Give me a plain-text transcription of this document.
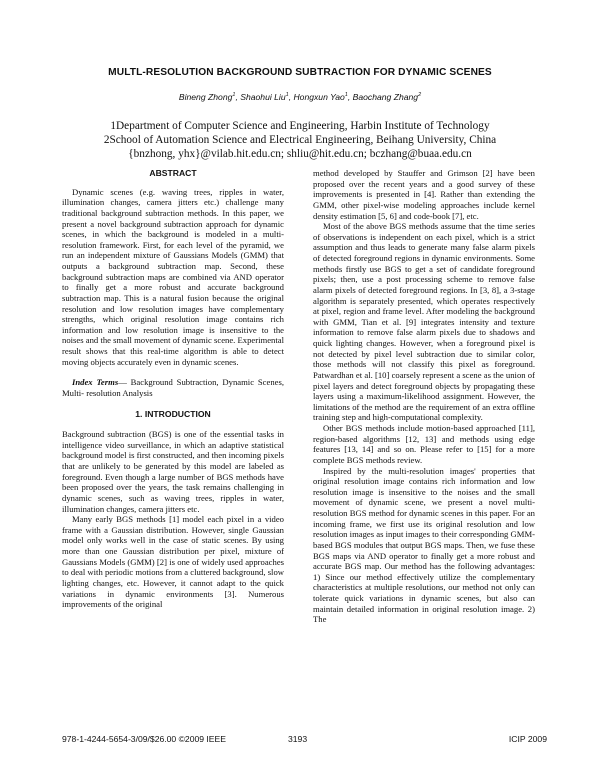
MULTL-RESOLUTION BACKGROUND SUBTRACTION FOR DYNAMIC SCENES
Bineng Zhong$^1$, Shaohui Liu$^1$, Hongxun Yao$^1$, Baochang Zhang$^2$
1Department of Computer Science and Engineering, Harbin Institute of Technology
2School of Automation Science and Electrical Engineering, Beihang University, China
{bnzhong, yhx}@vilab.hit.edu.cn; shliu@hit.edu.cn; bczhang@buaa.edu.cn
ABSTRACT

Dynamic scenes (e.g. waving trees, ripples in water, illumination changes, camera jitters etc.) challenge many traditional background subtraction methods. In this paper, we present a novel background subtraction approach for dynamic scenes, in which the background is modeled in a multi-resolution framework. First, for each level of the pyramid, we run an independent mixture of Gaussians Models (GMM) that outputs a background subtraction map. Second, these background subtraction maps are combined via AND operator to finally get a more robust and accurate background subtraction map. This is a natural fusion because the original resolution and low resolution images have complementary strengths, which original resolution image contains rich information and low resolution image is insensitive to the noises and the small movement of dynamic scene. Experimental result shows that this real-time algorithm is able to detect moving objects accurately even in dynamic scenes.

Index Terms— Background Subtraction, Dynamic Scenes, Multi- resolution Analysis

1. INTRODUCTION

Background subtraction (BGS) is one of the essential tasks in intelligence video surveillance, in which an adaptive statistical background model is first constructed, and then incoming pixels that are unlikely to be generated by this model are labeled as foreground. Even though a large number of BGS methods have been proposed over the years, the task remains challenging in dynamic scenes, such as waving trees, ripples in water, illumination changes, camera jitters etc.

Many early BGS methods [1] model each pixel in a video frame with a Gaussian distribution. However, single Gaussian model only works well in the case of static scenes. By using more than one Gaussian distribution per pixel, mixture of Gaussians Models (GMM) [2] is one of widely used approaches to deal with periodic motions from a cluttered background, slow lighting changes, etc. However, it cannot adapt to the quick variations in dynamic environments [3]. Numerous improvements of the original

method developed by Stauffer and Grimson [2] have been proposed over the recent years and a good survey of these improvements is presented in [4]. Rather than extending the GMM, other pixel-wise modeling approaches include kernel density estimation [5, 6] and code-book [7], etc.

Most of the above BGS methods assume that the time series of observations is independent on each pixel, which is a strict assumption and thus leads to generate many false alarm pixels of detected foreground regions in dynamic environments. Some methods firstly use BGS to get a set of candidate foreground pixels; then, use a post processing scheme to remove false alarm pixels of detected foreground regions. In [3, 8], a 3-stage algorithm is separately presented, which operates respectively at pixel, region and frame level. After modeling the background with GMM, Tian et al. [9] integrates intensity and texture information to remove false alarm pixels due to shadows and quick lighting changes. However, when a foreground pixel is not detected by pixel level subtraction due to similar color, those methods will not classify this pixel as foreground. Patwardhan et al. [10] coarsely represent a scene as the union of pixel layers and detect foreground objects by propagating these layers using a maximum-likelihood assignment. However, the limitations of the method are the requirement of an extra offline training step and high-computational complexity.

Other BGS methods include motion-based approached [11], region-based algorithms [12, 13] and methods using edge features [13, 14] and so on. Please refer to [15] for a more complete BGS methods review.

Inspired by the multi-resolution images' properties that original resolution image contains rich information and low resolution image is insensitive to the noises and the small movement of dynamic scene, we present a novel multi-resolution BGS method for dynamic scenes in this paper. For an incoming frame, we first use its original resolution and low resolution images as input images to their corresponding GMM-based BGS modules that output BGS maps. Then, we fuse these BGS maps via AND operator to finally get a more robust and accurate BGS map. Our method has the following advantages: 1) Since our method effectively utilize the complementary characteristics at multiple resolutions, our method not only can tolerate quick variations in dynamic scenes, but also can maintain detailed information in original resolution image. 2) The

978-1-4244-5654-3/09/$26.00 ©2009 IEEE	3193	ICIP 2009
